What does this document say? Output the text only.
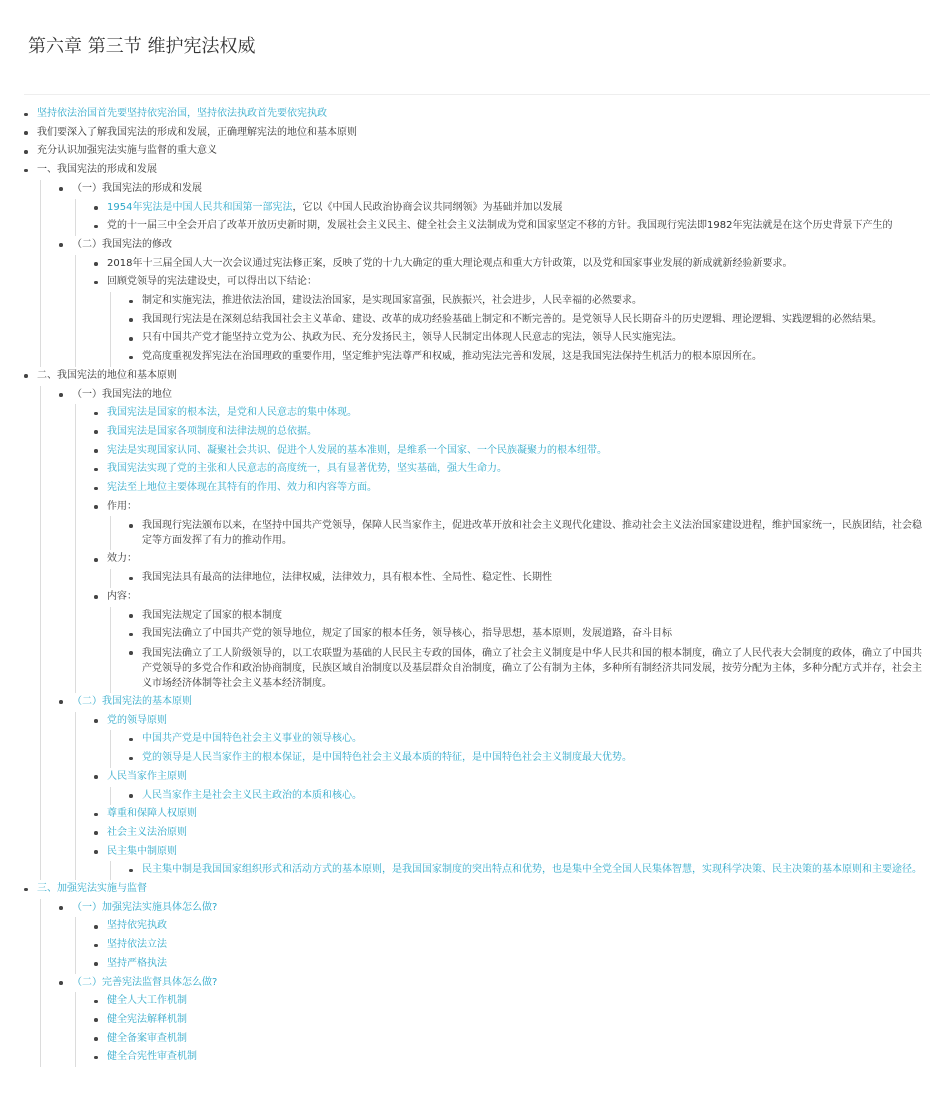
第六章 第三节 维护宪法权威
坚持依法治国首先要坚持依宪治国，坚持依法执政首先要依宪执政
我们要深入了解我国宪法的形成和发展，正确理解宪法的地位和基本原则
充分认识加强宪法实施与监督的重大意义
一、我国宪法的形成和发展
（一）我国宪法的形成和发展
1954年宪法是中国人民共和国第一部宪法，它以《中国人民政治协商会议共同纲领》为基础并加以发展
党的十一届三中全会开启了改革开放历史新时期，发展社会主义民主、健全社会主义法制成为党和国家坚定不移的方针。我国现行宪法即1982年宪法就是在这个历史背景下产生的
（二）我国宪法的修改
2018年十三届全国人大一次会议通过宪法修正案，反映了党的十九大确定的重大理论观点和重大方针政策，以及党和国家事业发展的新成就新经验新要求。
回顾党领导的宪法建设史，可以得出以下结论：
制定和实施宪法，推进依法治国，建设法治国家，是实现国家富强，民族振兴，社会进步，人民幸福的必然要求。
我国现行宪法是在深刻总结我国社会主义革命、建设、改革的成功经验基础上制定和不断完善的。是党领导人民长期奋斗的历史逻辑、理论逻辑、实践逻辑的必然结果。
只有中国共产党才能坚持立党为公、执政为民、充分发扬民主，领导人民制定出体现人民意志的宪法，领导人民实施宪法。
党高度重视发挥宪法在治国理政的重要作用，坚定维护宪法尊严和权威，推动宪法完善和发展，这是我国宪法保持生机活力的根本原因所在。
二、我国宪法的地位和基本原则
（一）我国宪法的地位
我国宪法是国家的根本法，是党和人民意志的集中体现。
我国宪法是国家各项制度和法律法规的总依据。
宪法是实现国家认同、凝聚社会共识、促进个人发展的基本准则，是维系一个国家、一个民族凝聚力的根本纽带。
我国宪法实现了党的主张和人民意志的高度统一，具有显著优势，坚实基础，强大生命力。
宪法至上地位主要体现在其特有的作用、效力和内容等方面。
作用：
我国现行宪法颁布以来，在坚持中国共产党领导，保障人民当家作主，促进改革开放和社会主义现代化建设、推动社会主义法治国家建设进程，维护国家统一，民族团结，社会稳定等方面发挥了有力的推动作用。
效力：
我国宪法具有最高的法律地位，法律权威，法律效力，具有根本性、全局性、稳定性、长期性
内容：
我国宪法规定了国家的根本制度
我国宪法确立了中国共产党的领导地位，规定了国家的根本任务，领导核心，指导思想，基本原则，发展道路，奋斗目标
我国宪法确立了工人阶级领导的，以工农联盟为基础的人民民主专政的国体，确立了社会主义制度是中华人民共和国的根本制度，确立了人民代表大会制度的政体，确立了中国共产党领导的多党合作和政治协商制度，民族区域自治制度以及基层群众自治制度，确立了公有制为主体，多种所有制经济共同发展，按劳分配为主体，多种分配方式并存，社会主义市场经济体制等社会主义基本经济制度。
（二）我国宪法的基本原则
党的领导原则
中国共产党是中国特色社会主义事业的领导核心。
党的领导是人民当家作主的根本保证，是中国特色社会主义最本质的特征，是中国特色社会主义制度最大优势。
人民当家作主原则
人民当家作主是社会主义民主政治的本质和核心。
尊重和保障人权原则
社会主义法治原则
民主集中制原则
民主集中制是我国国家组织形式和活动方式的基本原则，是我国国家制度的突出特点和优势，也是集中全党全国人民集体智慧，实现科学决策、民主决策的基本原则和主要途径。
三、加强宪法实施与监督
（一）加强宪法实施具体怎么做?
坚持依宪执政
坚持依法立法
坚持严格执法
（二）完善宪法监督具体怎么做?
健全人大工作机制
健全宪法解释机制
健全备案审查机制
健全合宪性审查机制
